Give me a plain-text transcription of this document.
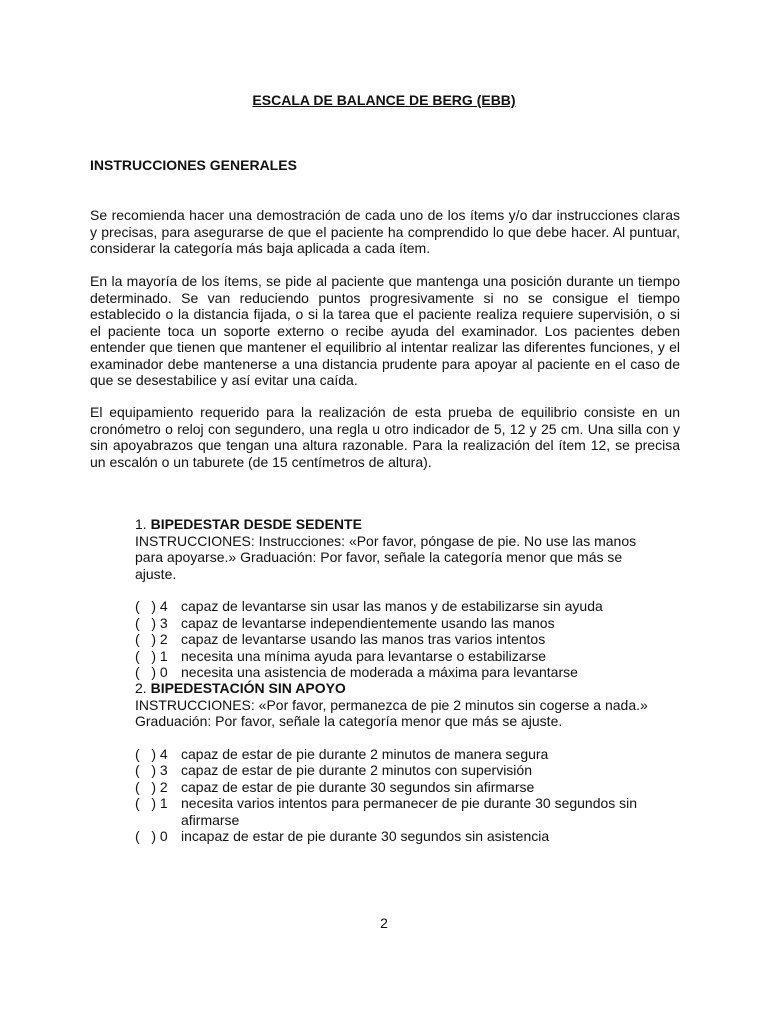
ESCALA DE BALANCE DE BERG (EBB)
INSTRUCCIONES GENERALES
Se recomienda hacer una demostración de cada uno de los ítems y/o dar instrucciones claras y precisas, para asegurarse de que el paciente ha comprendido lo que debe hacer. Al puntuar, considerar la categoría más baja aplicada a cada ítem.
En la mayoría de los ítems, se pide al paciente que mantenga una posición durante un tiempo determinado. Se van reduciendo puntos progresivamente si no se consigue el tiempo establecido o la distancia fijada, o si la tarea que el paciente realiza requiere supervisión, o si el paciente toca un soporte externo o recibe ayuda del examinador. Los pacientes deben entender que tienen que mantener el equilibrio al intentar realizar las diferentes funciones, y el examinador debe mantenerse a una distancia prudente para apoyar al paciente en el caso de que se desestabilice y así evitar una caída.
El equipamiento requerido para la realización de esta prueba de equilibrio consiste en un cronómetro o reloj con segundero, una regla u otro indicador de 5, 12 y 25 cm. Una silla con y sin apoyabrazos que tengan una altura razonable. Para la realización del ítem 12, se precisa un escalón o un taburete (de 15 centímetros de altura).
1. BIPEDESTAR DESDE SEDENTE

INSTRUCCIONES: Instrucciones: «Por favor, póngase de pie. No use las manos para apoyarse.» Graduación: Por favor, señale la categoría menor que más se ajuste.

(   ) 4 capaz de levantarse sin usar las manos y de estabilizarse sin ayuda
(   ) 3 capaz de levantarse independientemente usando las manos
(   ) 2 capaz de levantarse usando las manos tras varios intentos
(   ) 1 necesita una mínima ayuda para levantarse o estabilizarse
(   ) 0 necesita una asistencia de moderada a máxima para levantarse
2. BIPEDESTACIÓN SIN APOYO

INSTRUCCIONES: «Por favor, permanezca de pie 2 minutos sin cogerse a nada.» Graduación: Por favor, señale la categoría menor que más se ajuste.

(   ) 4 capaz de estar de pie durante 2 minutos de manera segura
(   ) 3 capaz de estar de pie durante 2 minutos con supervisión
(   ) 2 capaz de estar de pie durante 30 segundos sin afirmarse
(   ) 1 necesita varios intentos para permanecer de pie durante 30 segundos sin afirmarse
(   ) 0 incapaz de estar de pie durante 30 segundos sin asistencia
2
